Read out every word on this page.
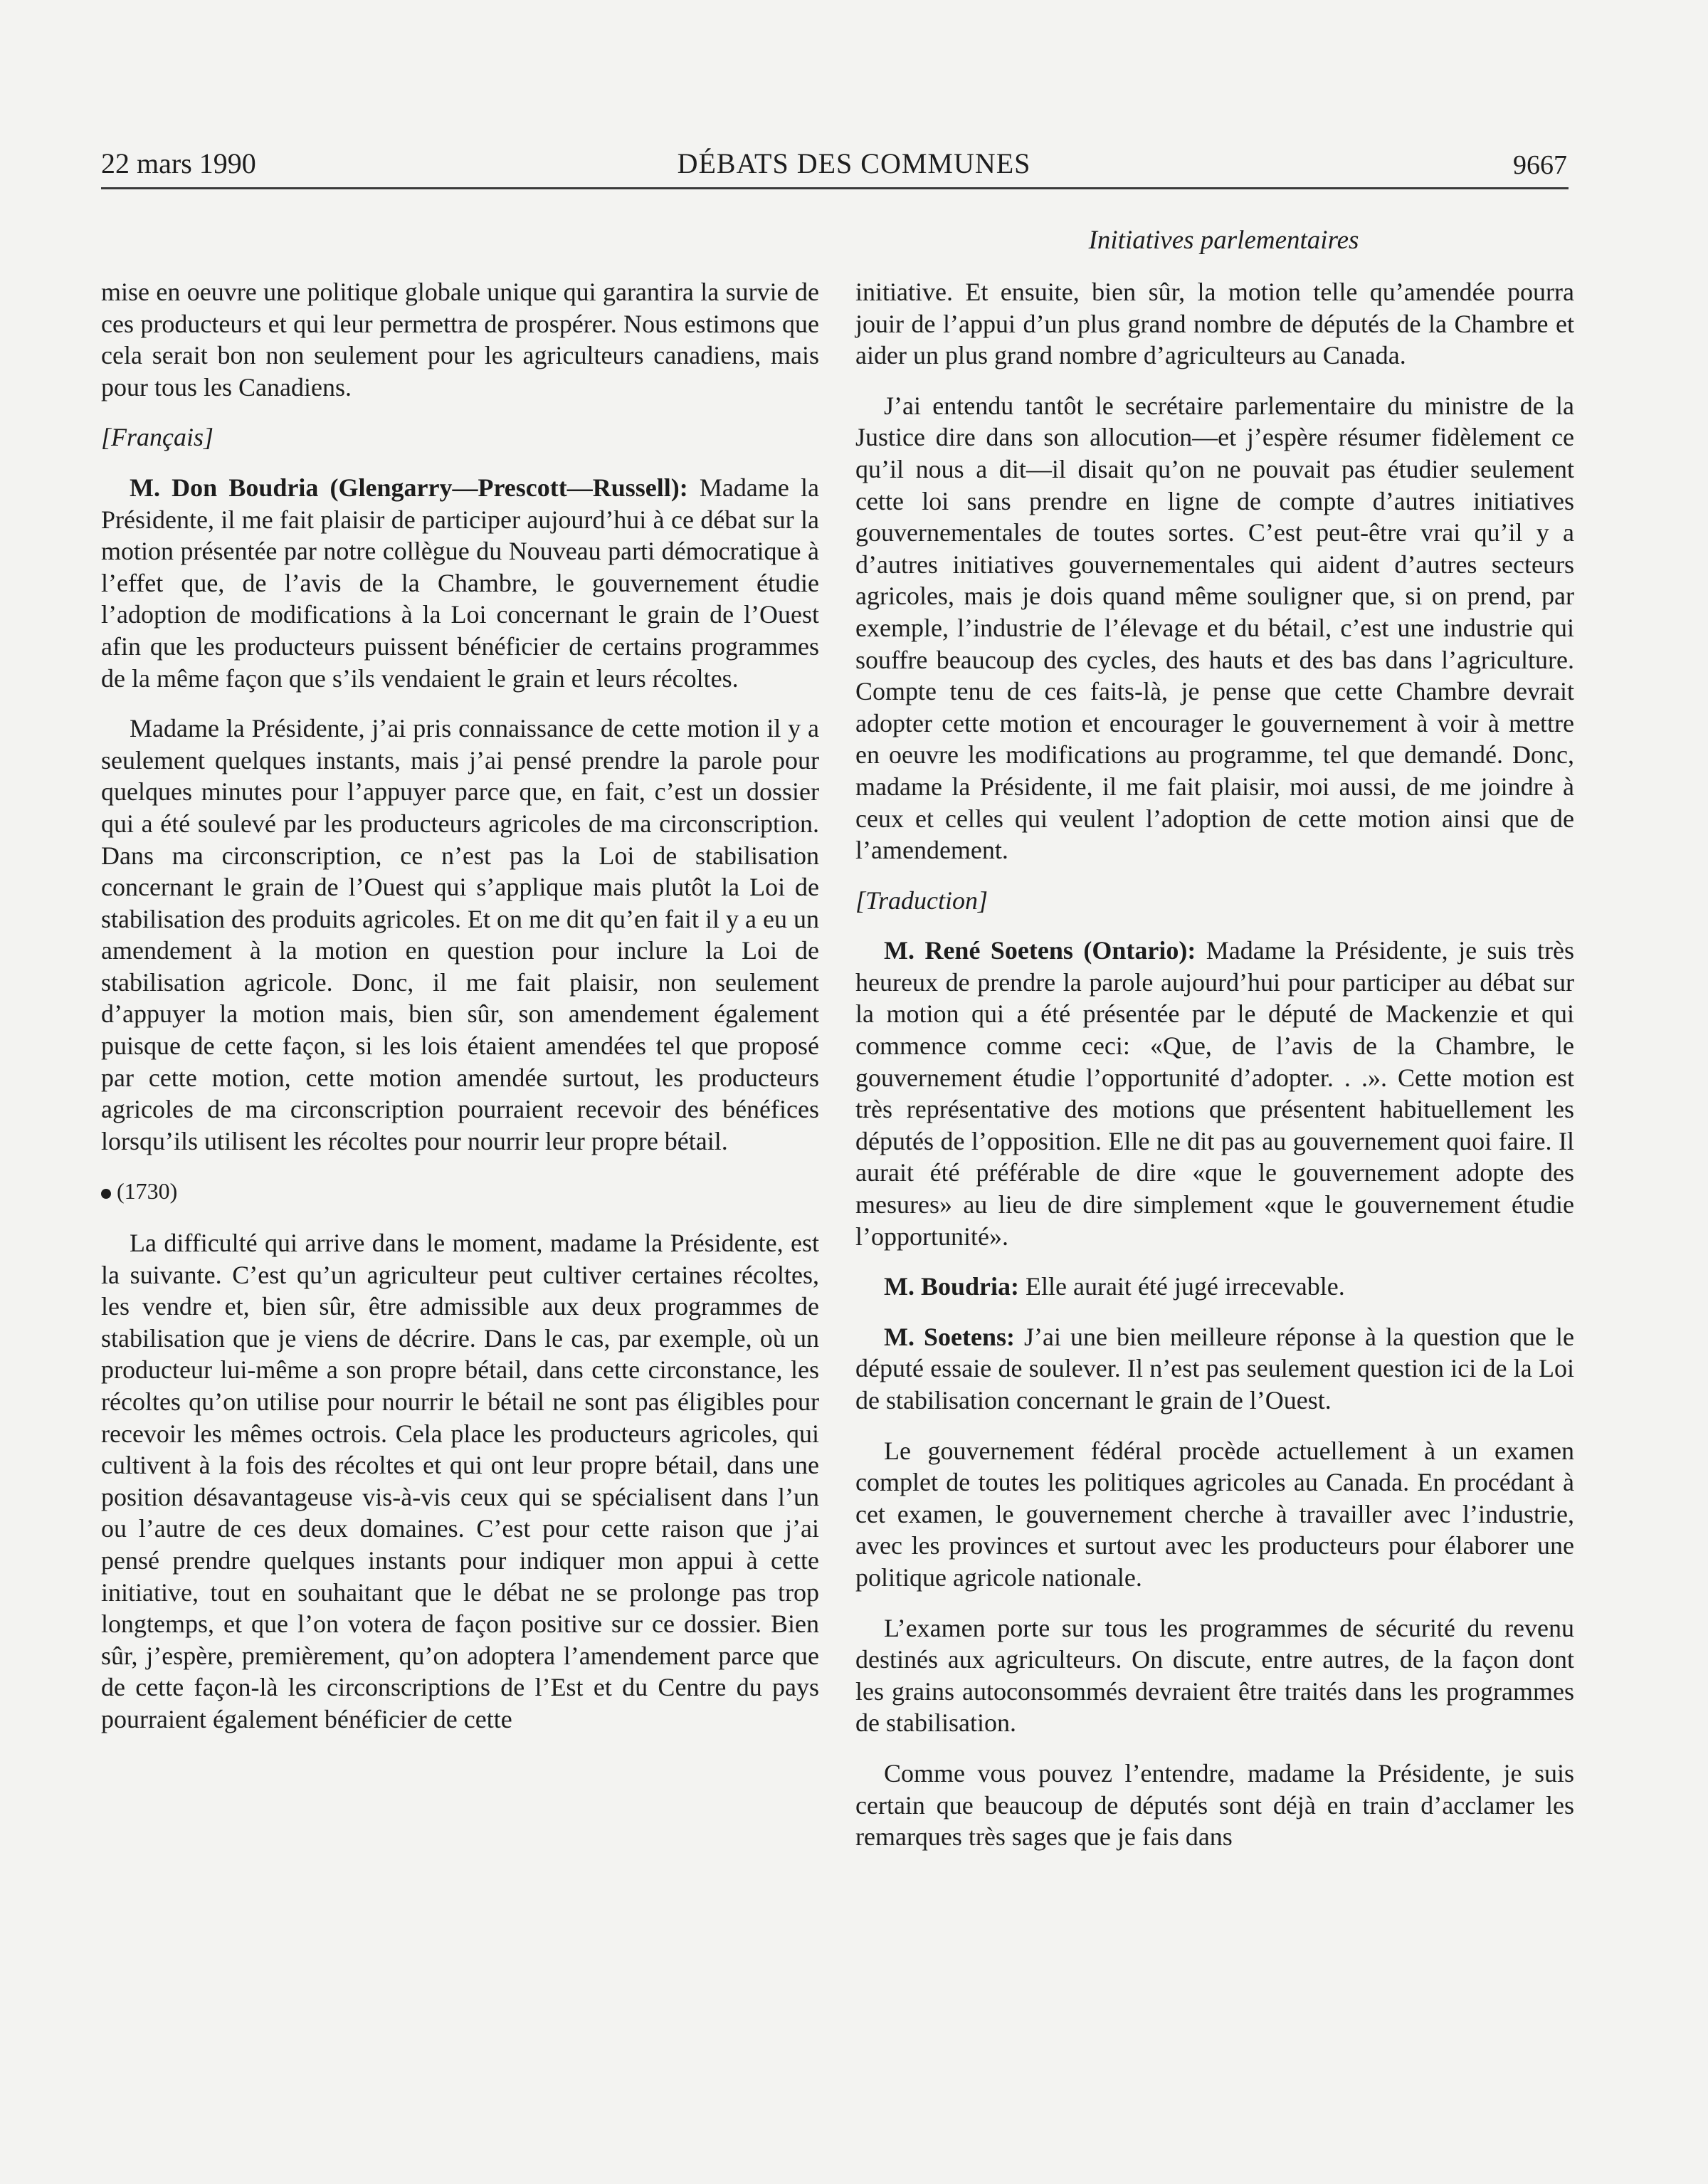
22 mars 1990	DÉBATS DES COMMUNES	9667
Initiatives parlementaires

mise en oeuvre une politique globale unique qui garantira la survie de ces producteurs et qui leur permettra de prospérer. Nous estimons que cela serait bon non seulement pour les agriculteurs canadiens, mais pour tous les Canadiens.

[Français]

M. Don Boudria (Glengarry—Prescott—Russell): Madame la Présidente, il me fait plaisir de participer aujourd’hui à ce débat sur la motion présentée par notre collègue du Nouveau parti démocratique à l’effet que, de l’avis de la Chambre, le gouvernement étudie l’adoption de modifications à la Loi concernant le grain de l’Ouest afin que les producteurs puissent bénéficier de certains programmes de la même façon que s’ils vendaient le grain et leurs récoltes.

Madame la Présidente, j’ai pris connaissance de cette motion il y a seulement quelques instants, mais j’ai pensé prendre la parole pour quelques minutes pour l’appuyer parce que, en fait, c’est un dossier qui a été soulevé par les producteurs agricoles de ma circonscription. Dans ma circonscription, ce n’est pas la Loi de stabilisation concernant le grain de l’Ouest qui s’applique mais plutôt la Loi de stabilisation des produits agricoles. Et on me dit qu’en fait il y a eu un amendement à la motion en question pour inclure la Loi de stabilisation agricole. Donc, il me fait plaisir, non seulement d’appuyer la motion mais, bien sûr, son amendement également puisque de cette façon, si les lois étaient amendées tel que proposé par cette motion, cette motion amendée surtout, les producteurs agricoles de ma circonscription pourraient recevoir des bénéfices lorsqu’ils utilisent les récoltes pour nourrir leur propre bétail.

(1730)

La difficulté qui arrive dans le moment, madame la Présidente, est la suivante. C’est qu’un agriculteur peut cultiver certaines récoltes, les vendre et, bien sûr, être admissible aux deux programmes de stabilisation que je viens de décrire. Dans le cas, par exemple, où un producteur lui-même a son propre bétail, dans cette circonstance, les récoltes qu’on utilise pour nourrir le bétail ne sont pas éligibles pour recevoir les mêmes octrois. Cela place les producteurs agricoles, qui cultivent à la fois des récoltes et qui ont leur propre bétail, dans une position désavantageuse vis-à-vis ceux qui se spécialisent dans l’un ou l’autre de ces deux domaines. C’est pour cette raison que j’ai pensé prendre quelques instants pour indiquer mon appui à cette initiative, tout en souhaitant que le débat ne se prolonge pas trop longtemps, et que l’on votera de façon positive sur ce dossier. Bien sûr, j’espère, premièrement, qu’on adoptera l’amendement parce que de cette façon-là les circonscriptions de l’Est et du Centre du pays pourraient également bénéficier de cette

initiative. Et ensuite, bien sûr, la motion telle qu’amendée pourra jouir de l’appui d’un plus grand nombre de députés de la Chambre et aider un plus grand nombre d’agriculteurs au Canada.

J’ai entendu tantôt le secrétaire parlementaire du ministre de la Justice dire dans son allocution—et j’espère résumer fidèlement ce qu’il nous a dit—il disait qu’on ne pouvait pas étudier seulement cette loi sans prendre en ligne de compte d’autres initiatives gouvernementales de toutes sortes. C’est peut-être vrai qu’il y a d’autres initiatives gouvernementales qui aident d’autres secteurs agricoles, mais je dois quand même souligner que, si on prend, par exemple, l’industrie de l’élevage et du bétail, c’est une industrie qui souffre beaucoup des cycles, des hauts et des bas dans l’agriculture. Compte tenu de ces faits-là, je pense que cette Chambre devrait adopter cette motion et encourager le gouvernement à voir à mettre en oeuvre les modifications au programme, tel que demandé. Donc, madame la Présidente, il me fait plaisir, moi aussi, de me joindre à ceux et celles qui veulent l’adoption de cette motion ainsi que de l’amendement.

[Traduction]

M. René Soetens (Ontario): Madame la Présidente, je suis très heureux de prendre la parole aujourd’hui pour participer au débat sur la motion qui a été présentée par le député de Mackenzie et qui commence comme ceci: «Que, de l’avis de la Chambre, le gouvernement étudie l’opportunité d’adopter. . .». Cette motion est très représentative des motions que présentent habituellement les députés de l’opposition. Elle ne dit pas au gouvernement quoi faire. Il aurait été préférable de dire «que le gouvernement adopte des mesures» au lieu de dire simplement «que le gouvernement étudie l’opportunité».

M. Boudria: Elle aurait été jugé irrecevable.

M. Soetens: J’ai une bien meilleure réponse à la question que le député essaie de soulever. Il n’est pas seulement question ici de la Loi de stabilisation concernant le grain de l’Ouest.

Le gouvernement fédéral procède actuellement à un examen complet de toutes les politiques agricoles au Canada. En procédant à cet examen, le gouvernement cherche à travailler avec l’industrie, avec les provinces et surtout avec les producteurs pour élaborer une politique agricole nationale.

L’examen porte sur tous les programmes de sécurité du revenu destinés aux agriculteurs. On discute, entre autres, de la façon dont les grains autoconsommés devraient être traités dans les programmes de stabilisation.

Comme vous pouvez l’entendre, madame la Présidente, je suis certain que beaucoup de députés sont déjà en train d’acclamer les remarques très sages que je fais dans
